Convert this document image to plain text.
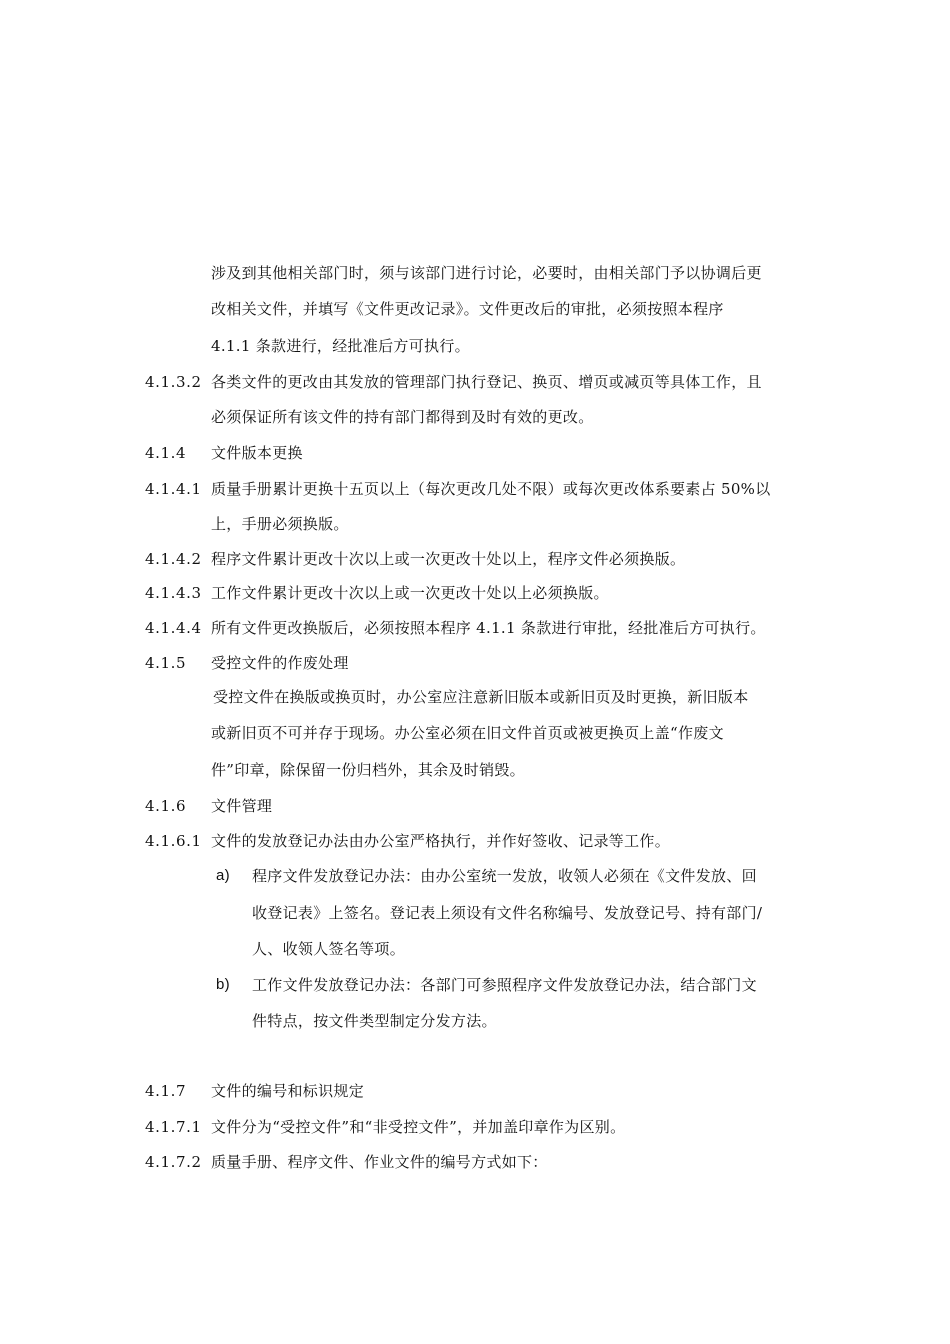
涉及到其他相关部门时，须与该部门进行讨论，必要时，由相关部门予以协调后更
改相关文件，并填写《文件更改记录》。文件更改后的审批，必须按照本程序
4.1.1 条款进行，经批准后方可执行。
4.1.3.2 各类文件的更改由其发放的管理部门执行登记、换页、增页或减页等具体工作，且
必须保证所有该文件的持有部门都得到及时有效的更改。
4.1.4 文件版本更换
4.1.4.1 质量手册累计更换十五页以上（每次更改几处不限）或每次更改体系要素占 50%以
上，手册必须换版。
4.1.4.2 程序文件累计更改十次以上或一次更改十处以上，程序文件必须换版。
4.1.4.3 工作文件累计更改十次以上或一次更改十处以上必须换版。
4.1.4.4 所有文件更改换版后，必须按照本程序 4.1.1 条款进行审批，经批准后方可执行。
4.1.5 受控文件的作废处理
受控文件在换版或换页时，办公室应注意新旧版本或新旧页及时更换，新旧版本
或新旧页不可并存于现场。办公室必须在旧文件首页或被更换页上盖“作废文
件”印章，除保留一份归档外，其余及时销毁。
4.1.6 文件管理
4.1.6.1 文件的发放登记办法由办公室严格执行，并作好签收、记录等工作。
a) 程序文件发放登记办法：由办公室统一发放，收领人必须在《文件发放、回
收登记表》上签名。登记表上须设有文件名称编号、发放登记号、持有部门/
人、收领人签名等项。
b) 工作文件发放登记办法：各部门可参照程序文件发放登记办法，结合部门文
件特点，按文件类型制定分发方法。
4.1.7 文件的编号和标识规定
4.1.7.1 文件分为“受控文件”和“非受控文件”，并加盖印章作为区别。
4.1.7.2 质量手册、程序文件、作业文件的编号方式如下：
